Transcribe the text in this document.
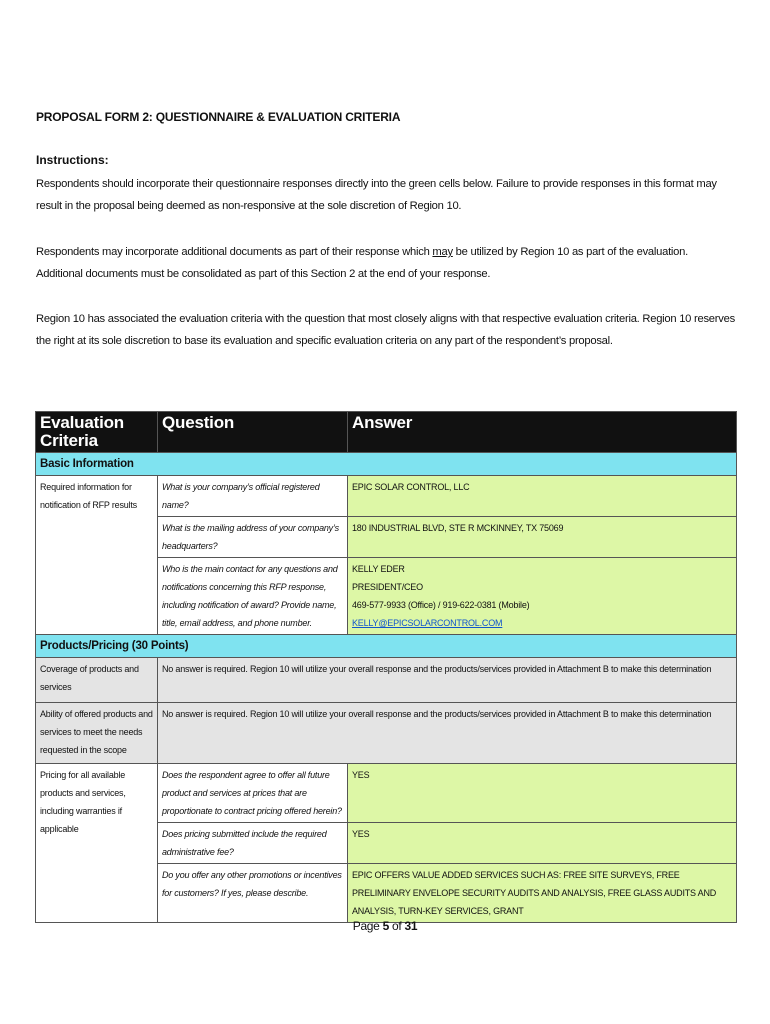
PROPOSAL FORM 2: QUESTIONNAIRE & EVALUATION CRITERIA
Instructions:
Respondents should incorporate their questionnaire responses directly into the green cells below. Failure to provide responses in this format may result in the proposal being deemed as non-responsive at the sole discretion of Region 10.
Respondents may incorporate additional documents as part of their response which may be utilized by Region 10 as part of the evaluation. Additional documents must be consolidated as part of this Section 2 at the end of your response.
Region 10 has associated the evaluation criteria with the question that most closely aligns with that respective evaluation criteria. Region 10 reserves the right at its sole discretion to base its evaluation and specific evaluation criteria on any part of the respondent’s proposal.
Evaluation Criteria	Question	Answer
Basic Information		
Required information for notification of RFP results	What is your company’s official registered name?	EPIC SOLAR CONTROL, LLC
	What is the mailing address of your company’s headquarters?	180 INDUSTRIAL BLVD, STE R MCKINNEY, TX 75069
	Who is the main contact for any questions and notifications concerning this RFP response, including notification of award? Provide name, title, email address, and phone number.	KELLY EDER
PRESIDENT/CEO
469-577-9933 (Office) / 919-622-0381 (Mobile)
KELLY@EPICSOLARCONTROL.COM

Products/Pricing (30 Points)		
Coverage of products and services	No answer is required. Region 10 will utilize your overall response and the products/services provided in Attachment B to make this determination	
Ability of offered products and services to meet the needs requested in the scope	No answer is required. Region 10 will utilize your overall response and the products/services provided in Attachment B to make this determination	
Pricing for all available products and services, including warranties if applicable	Does the respondent agree to offer all future product and services at prices that are proportionate to contract pricing offered herein?	YES
	Does pricing submitted include the required administrative fee?	YES
	Do you offer any other promotions or incentives for customers? If yes, please describe.	EPIC OFFERS VALUE ADDED SERVICES SUCH AS: FREE SITE SURVEYS, FREE PRELIMINARY ENVELOPE SECURITY AUDITS AND ANALYSIS, FREE GLASS AUDITS AND ANALYSIS, TURN-KEY SERVICES, GRANT
Page 5 of 31
